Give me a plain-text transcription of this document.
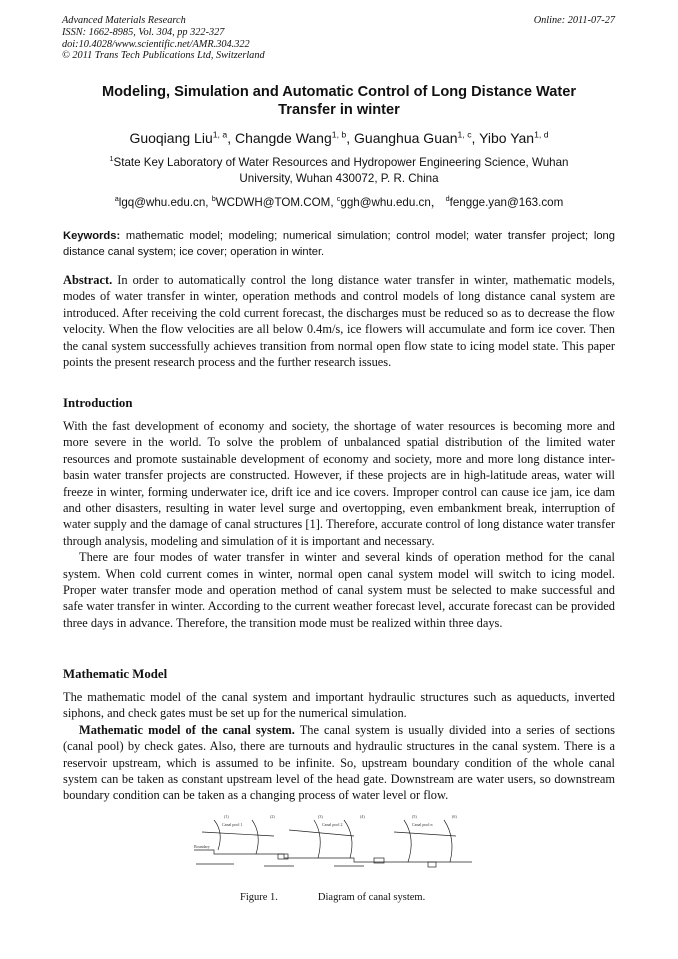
Advanced Materials Research
ISSN: 1662-8985, Vol. 304, pp 322-327
doi:10.4028/www.scientific.net/AMR.304.322
© 2011 Trans Tech Publications Ltd, Switzerland
Online: 2011-07-27
Modeling, Simulation and Automatic Control of Long Distance Water
Transfer in winter
Guoqiang Liu$^{1, a}$, Changde Wang$^{1, b}$, Guanghua Guan$^{1, c}$, Yibo Yan$^{1, d}$
$^1$State Key Laboratory of Water Resources and Hydropower Engineering Science, Wuhan
University, Wuhan 430072, P. R. China
$^a$lgq@whu.edu.cn, $^b$WCDWH@TOM.COM, $^c$ggh@whu.edu.cn， $^d$fengge.yan@163.com
Keywords: mathematic model; modeling; numerical simulation; control model; water transfer project; long distance canal system; ice cover; operation in winter.

Abstract. In order to automatically control the long distance water transfer in winter, mathematic models, modes of water transfer in winter, operation methods and control models of long distance canal system are introduced. After receiving the cold current forecast, the discharges must be reduced so as to decrease the flow velocity. When the flow velocities are all below 0.4m/s, ice flowers will accumulate and form ice cover. Then the canal system successfully achieves transition from normal open flow state to icing model state. This paper points the present research process and the further research issues.

Introduction

With the fast development of economy and society, the shortage of water resources is becoming more and more severe in the world. To solve the problem of unbalanced spatial distribution of the limited water resources and promote sustainable development of economy and society, more and more long distance inter-basin water transfer projects are constructed. However, if these projects are in high-latitude areas, water will freeze in winter, forming underwater ice, drift ice and ice covers. Improper control can cause ice jam, ice dam and other disasters, resulting in water level surge and overtopping, even embankment break, interruption of water supply and the damage of canal structures [1]. Therefore, accurate control of long distance water transfer through analysis, modeling and simulation of it is important and necessary.

There are four modes of water transfer in winter and several kinds of operation method for the canal system. When cold current comes in winter, normal open canal system model will switch to icing model. Proper water transfer mode and operation method of canal system must be selected to make successful and safe water transfer in winter. According to the current weather forecast level, accurate forecast can be provided three days in advance. Therefore, the transition mode must be realized within three days.

Mathematic Model

The mathematic model of the canal system and important hydraulic structures such as aqueducts, inverted siphons, and check gates must be set up for the numerical simulation.

Mathematic model of the canal system. The canal system is usually divided into a series of sections (canal pool) by check gates. Also, there are turnouts and hydraulic structures in the canal system. There is a reservoir upstream, which is assumed to be infinite. So, upstream boundary condition of the whole canal system can be taken as constant upstream level of the head gate. Downstream are water users, so downstream boundary condition can be taken as a changing process of water level or flow.

Canal pool 1	Canal pool 2	Canal pool n
Boundary
(1)	(2)	(3)	(4)	(5)	(6)
Figure 1.	Diagram of canal system.
